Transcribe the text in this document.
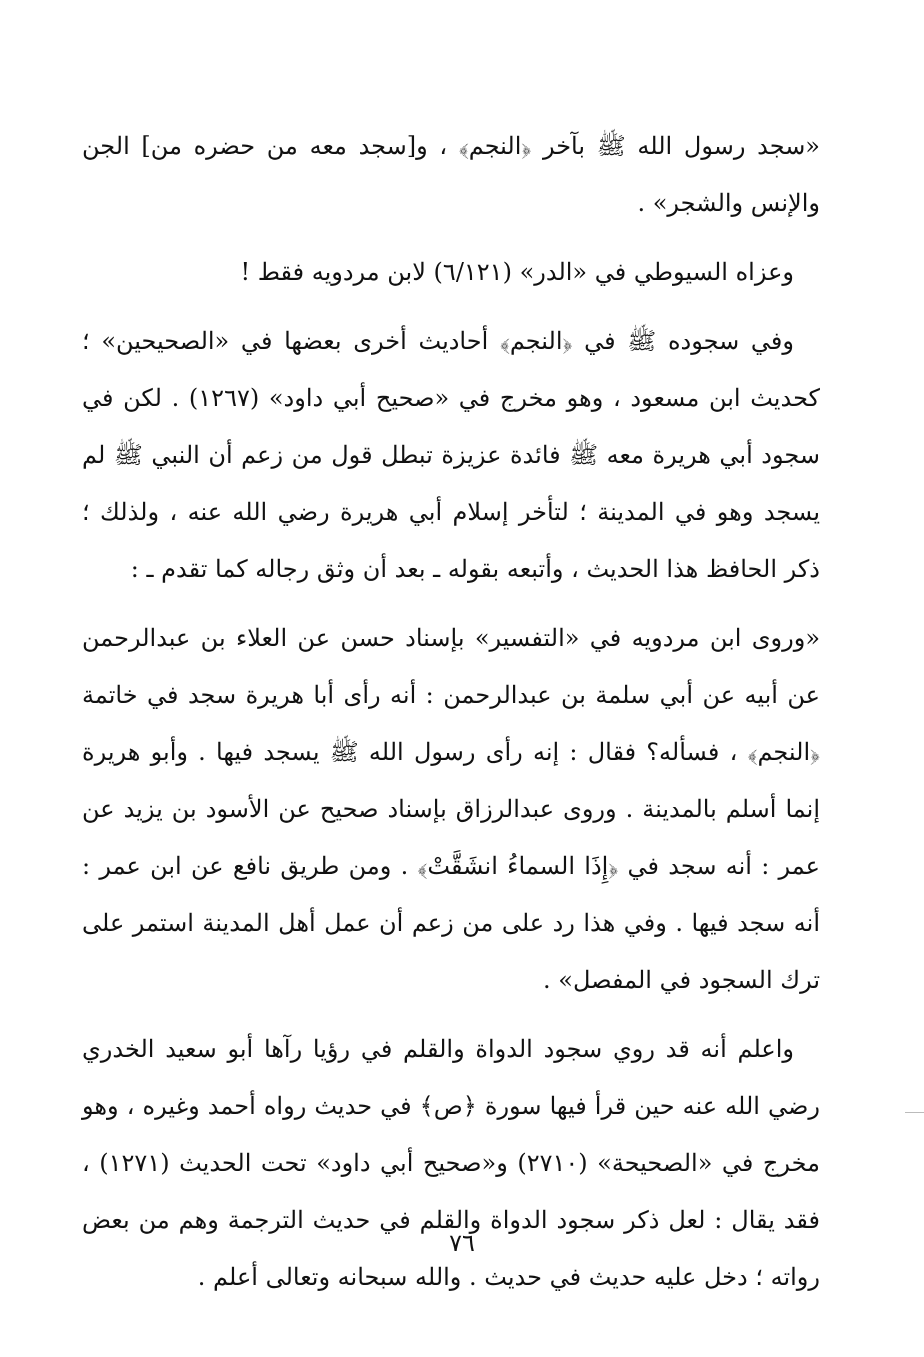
«سجد رسول الله ﷺ بآخر ﴿النجم﴾ ، و[سجد معه من حضره من] الجن والإنس والشجر» .

وعزاه السيوطي في «الدر» (٦/١٢١) لابن مردويه فقط !

وفي سجوده ﷺ في ﴿النجم﴾ أحاديث أخرى بعضها في «الصحيحين» ؛ كحديث ابن مسعود ، وهو مخرج في «صحيح أبي داود» (١٢٦٧) . لكن في سجود أبي هريرة معه ﷺ فائدة عزيزة تبطل قول من زعم أن النبي ﷺ لم يسجد وهو في المدينة ؛ لتأخر إسلام أبي هريرة رضي الله عنه ، ولذلك ؛ ذكر الحافظ هذا الحديث ، وأتبعه بقوله ـ بعد أن وثق رجاله كما تقدم ـ :

«وروى ابن مردويه في «التفسير» بإسناد حسن عن العلاء بن عبدالرحمن عن أبيه عن أبي سلمة بن عبدالرحمن : أنه رأى أبا هريرة سجد في خاتمة ﴿النجم﴾ ، فسأله؟ فقال : إنه رأى رسول الله ﷺ يسجد فيها . وأبو هريرة إنما أسلم بالمدينة . وروى عبدالرزاق بإسناد صحيح عن الأسود بن يزيد عن عمر : أنه سجد في ﴿إِذَا السماءُ انشَقَّتْ﴾ . ومن طريق نافع عن ابن عمر : أنه سجد فيها . وفي هذا رد على من زعم أن عمل أهل المدينة استمر على ترك السجود في المفصل» .

واعلم أنه قد روي سجود الدواة والقلم في رؤيا رآها أبو سعيد الخدري رضي الله عنه حين قرأ فيها سورة ﴿ص﴾ في حديث رواه أحمد وغيره ، وهو مخرج في «الصحيحة» (٢٧١٠) و«صحيح أبي داود» تحت الحديث (١٢٧١) ، فقد يقال : لعل ذكر سجود الدواة والقلم في حديث الترجمة وهم من بعض رواته ؛ دخل عليه حديث في حديث . والله سبحانه وتعالى أعلم .

٧٦
